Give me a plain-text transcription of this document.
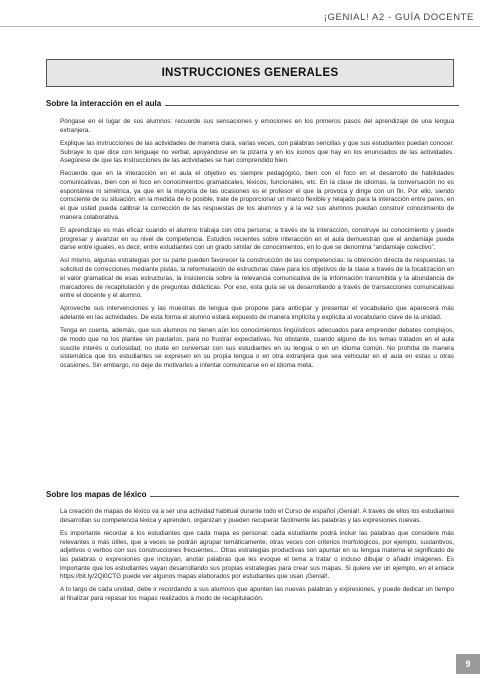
¡GENIAL! A2 - GUÍA DOCENTE
INSTRUCCIONES GENERALES
Sobre la interacción en el aula

Póngase en el lugar de sus alumnos: recuerde sus sensaciones y emociones en los primeros pasos del aprendizaje de una lengua extranjera.

Explique las instrucciones de las actividades de manera clara, varias veces, con palabras sencillas y que sus estudiantes puedan conocer. Subraye lo que dice con lenguaje no verbal, apoyándose en la pizarra y en los iconos que hay en los enunciados de las actividades. Asegúrese de que las instrucciones de las actividades se han comprendido bien.

Recuerde que en la interacción en el aula el objetivo es siempre pedagógico, bien con el foco en el desarrollo de habilidades comunicativas, bien con el foco en conocimientos gramaticales, léxicos, funcionales, etc. En la clase de idiomas, la conversación no es espontánea ni simétrica, ya que en la mayoría de las ocasiones es el profesor el que la provoca y dirige con un fin. Por ello, siendo consciente de su situación, en la medida de lo posible, trate de proporcionar un marco flexible y relajado para la interacción entre pares, en el que usted pueda calibrar la corrección de las respuestas de los alumnos y a la vez sus alumnos puedan construir conocimiento de manera colaborativa.

El aprendizaje es más eficaz cuando el alumno trabaja con otra persona; a través de la interacción, construye su conocimiento y puede progresar y avanzar en su nivel de competencia. Estudios recientes sobre interacción en el aula demuestran que el andamiaje puede darse entre iguales, es decir, entre estudiantes con un grado similar de conocimientos, en lo que se denomina “andamiaje colectivo”.

Así mismo, algunas estrategias por su parte pueden favorecer la construcción de las competencias: la obtención directa de respuestas, la solicitud de correcciones mediante pistas, la reformulación de estructuras clave para los objetivos de la clase a través de la focalización en el valor gramatical de esas estructuras, la insistencia sobre la relevancia comunicativa de la información transmitida y la abundancia de marcadores de recapitulación y de preguntas didácticas. Por eso, esta guía se va desarrollando a través de transacciones comunicativas entre el docente y el alumno.

Aproveche sus intervenciones y las muestras de lengua que propone para anticipar y presentar el vocabulario que aparecerá más adelante en las actividades. De esta forma el alumno estará expuesto de manera implícita y explícita al vocabulario clave de la unidad.

Tenga en cuenta, además, que sus alumnos no tienen aún los conocimientos lingüísticos adecuados para emprender debates complejos, de modo que no los plantee sin pautarlos, para no frustrar expectativas. No obstante, cuando alguno de los temas tratados en el aula suscite interés o curiosidad, no dude en conversar con sus estudiantes en su lengua o en un idioma común. No prohíba de manera sistemática que los estudiantes se expresen en su propia lengua o en otra extranjera que sea vehicular en el aula en estas u otras ocasiones. Sin embargo, no deje de motivarles a intentar comunicarse en el idioma meta.

Sobre los mapas de léxico

La creación de mapas de léxico va a ser una actividad habitual durante todo el Curso de español ¡Genial!. A través de ellos los estudiantes desarrollan su competencia léxica y aprenden, organizan y pueden recuperar fácilmente las palabras y las expresiones nuevas.

Es importante recordar a los estudiantes que cada mapa es personal: cada estudiante podrá incluir las palabras que considere más relevantes o más útiles, que a veces se podrán agrupar temáticamente, otras veces con criterios morfológicos, por ejemplo, sustantivos, adjetivos o verbos con sus construcciones frecuentes... Otras estrategias productivas son apuntar en su lengua materna el significado de las palabras o expresiones que incluyan, anotar palabras que les evoque el tema a tratar o incluso dibujar o añadir imágenes. Es importante que los estudiantes vayan desarrollando sus propias estrategias para crear sus mapas. Si quiere ver un ejemplo, en el enlace https://bit.ly/2Qi0CTG puede ver algunos mapas elaborados por estudiantes que usan ¡Genial!.

A lo largo de cada unidad, debe ir recordando a sus alumnos que apunten las nuevas palabras y expresiones, y puede dedicar un tiempo al finalizar para repasar los mapas realizados a modo de recapitulación.

9
